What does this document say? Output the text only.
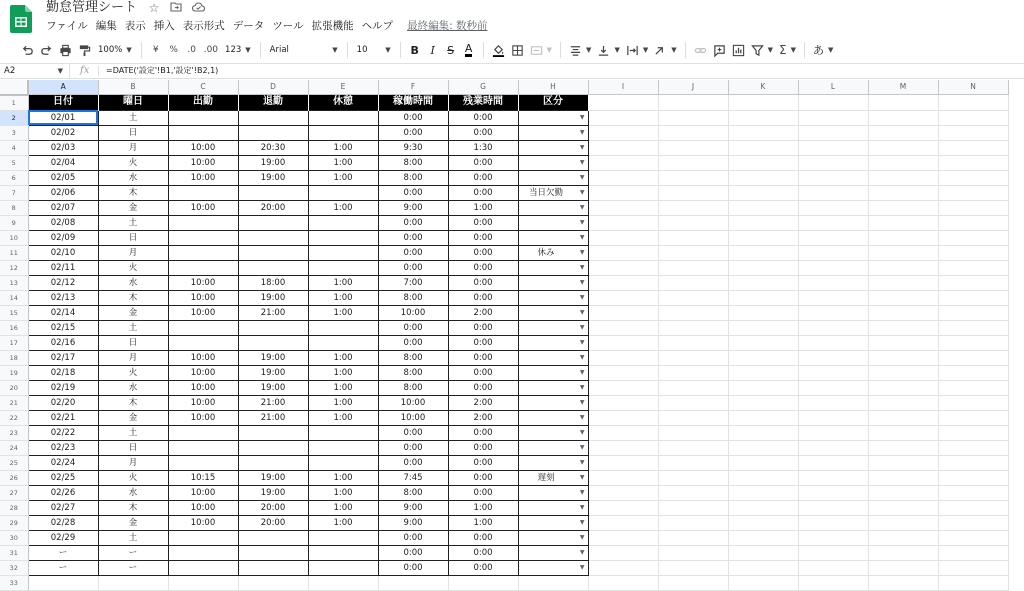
勤怠管理シート ☆
ファイル 編集 表示 挿入 表示形式 データ ツール 拡張機能 ヘルプ	最終編集: 数秒前
100% ▼	¥	%	.0 .00 123 ▼ Arial	▼ 10	▼	B	I	S A	▼	▼	▼	▼	▼	▼ Σ ▼ あ ▼
A2	▼ fx =DATE('設定'!B1,'設定'!B2,1)
	A	B	C	D	E	F	G	H	I	J	K	L	M	N
1	日付	曜日	出勤	退勤	休憩	稼働時間	残業時間	区分						
2	02/01	土				0:00	0:00	▼						

3	02/02	日				0:00	0:00	▼						

4	02/03	月	10:00	20:30	1:00	9:30	1:30	▼						

5	02/04	火	10:00	19:00	1:00	8:00	0:00	▼						

6	02/05	水	10:00	19:00	1:00	8:00	0:00	▼						

7	02/06	木				0:00	0:00	当日欠勤 ▼						

8	02/07	金	10:00	20:00	1:00	9:00	1:00	▼						

9	02/08	土				0:00	0:00	▼						

10	02/09	日				0:00	0:00	▼						

11	02/10	月				0:00	0:00	休み ▼						

12	02/11	火				0:00	0:00	▼						

13	02/12	水	10:00	18:00	1:00	7:00	0:00	▼						

14	02/13	木	10:00	19:00	1:00	8:00	0:00	▼						

15	02/14	金	10:00	21:00	1:00	10:00	2:00	▼						

16	02/15	土				0:00	0:00	▼						

17	02/16	日				0:00	0:00	▼						

18	02/17	月	10:00	19:00	1:00	8:00	0:00	▼						

19	02/18	火	10:00	19:00	1:00	8:00	0:00	▼						

20	02/19	水	10:00	19:00	1:00	8:00	0:00	▼						

21	02/20	木	10:00	21:00	1:00	10:00	2:00	▼						

22	02/21	金	10:00	21:00	1:00	10:00	2:00	▼						

23	02/22	土				0:00	0:00	▼						

24	02/23	日				0:00	0:00	▼						

25	02/24	月				0:00	0:00	▼						

26	02/25	火	10:15	19:00	1:00	7:45	0:00	遅刻 ▼						

27	02/26	水	10:00	19:00	1:00	8:00	0:00	▼						

28	02/27	木	10:00	20:00	1:00	9:00	1:00	▼						

29	02/28	金	10:00	20:00	1:00	9:00	1:00	▼						

30	02/29	土				0:00	0:00	▼						

31	ー	ー				0:00	0:00	▼						

32	ー	ー				0:00	0:00	▼						

33														
